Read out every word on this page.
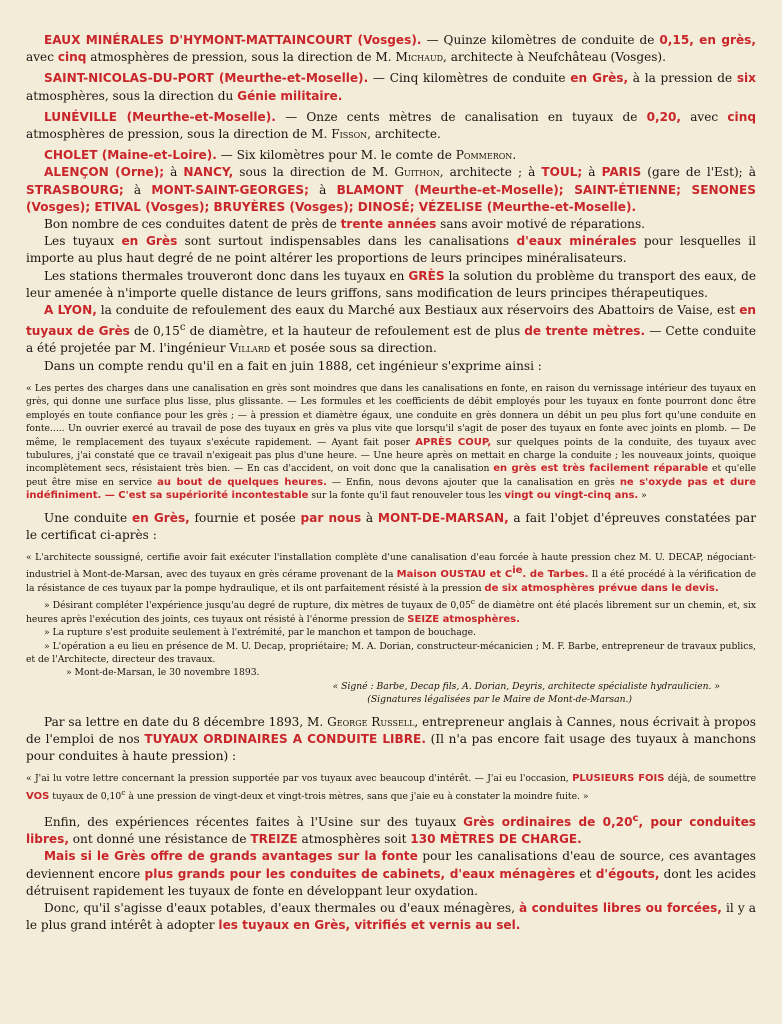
EAUX MINÉRALES D'HYMONT-MATTAINCOURT (Vosges). — Quinze kilomètres de conduite de 0,15, en grès, avec cinq atmosphères de pression, sous la direction de M. Michaud, architecte à Neufchâteau (Vosges).

SAINT-NICOLAS-DU-PORT (Meurthe-et-Moselle). — Cinq kilomètres de conduite en Grès, à la pression de six atmosphères, sous la direction du Génie militaire.

LUNÉVILLE (Meurthe-et-Moselle). — Onze cents mètres de canalisation en tuyaux de 0,20, avec cinq atmosphères de pression, sous la direction de M. Fisson, architecte.

CHOLET (Maine-et-Loire). — Six kilomètres pour M. le comte de Pommeron.

ALENÇON (Orne); à NANCY, sous la direction de M. Guithon, architecte ; à TOUL; à PARIS (gare de l'Est); à STRASBOURG; à MONT-SAINT-GEORGES; à BLAMONT (Meurthe-et-Moselle); SAINT-ÉTIENNE; SENONES (Vosges); ETIVAL (Vosges); BRUYÈRES (Vosges); DINOSÉ; VÉZELISE (Meurthe-et-Moselle).

Bon nombre de ces conduites datent de près de trente années sans avoir motivé de réparations.

Les tuyaux en Grès sont surtout indispensables dans les canalisations d'eaux minérales pour lesquelles il importe au plus haut degré de ne point altérer les proportions de leurs principes minéralisateurs.

Les stations thermales trouveront donc dans les tuyaux en GRÈS la solution du problème du transport des eaux, de leur amenée à n'importe quelle distance de leurs griffons, sans modification de leurs principes thérapeutiques.

A LYON, la conduite de refoulement des eaux du Marché aux Bestiaux aux réservoirs des Abattoirs de Vaise, est en tuyaux de Grès de 0,15$^c$ de diamètre, et la hauteur de refoulement est de plus de trente mètres. — Cette conduite a été projetée par M. l'ingénieur Villard et posée sous sa direction.

Dans un compte rendu qu'il en a fait en juin 1888, cet ingénieur s'exprime ainsi :

« Les pertes des charges dans une canalisation en grès sont moindres que dans les canalisations en fonte, en raison du vernissage intérieur des tuyaux en grès, qui donne une surface plus lisse, plus glissante. — Les formules et les coefficients de débit employés pour les tuyaux en fonte pourront donc être employés en toute confiance pour les grès ; — à pression et diamètre égaux, une conduite en grès donnera un débit un peu plus fort qu'une conduite en fonte..... Un ouvrier exercé au travail de pose des tuyaux en grès va plus vite que lorsqu'il s'agit de poser des tuyaux en fonte avec joints en plomb. — De même, le remplacement des tuyaux s'exécute rapidement. — Ayant fait poser APRÈS COUP, sur quelques points de la conduite, des tuyaux avec tubulures, j'ai constaté que ce travail n'exigeait pas plus d'une heure. — Une heure après on mettait en charge la conduite ; les nouveaux joints, quoique incomplètement secs, résistaient très bien. — En cas d'accident, on voit donc que la canalisation en grès est très facilement réparable et qu'elle peut être mise en service au bout de quelques heures. — Enfin, nous devons ajouter que la canalisation en grès ne s'oxyde pas et dure indéfiniment. — C'est sa supériorité incontestable sur la fonte qu'il faut renouveler tous les vingt ou vingt-cinq ans. »

Une conduite en Grès, fournie et posée par nous à MONT-DE-MARSAN, a fait l'objet d'épreuves constatées par le certificat ci-après :

« L'architecte soussigné, certifie avoir fait exécuter l'installation complète d'une canalisation d'eau forcée à haute pression chez M. U. DECAP, négociant-industriel à Mont-de-Marsan, avec des tuyaux en grès cérame provenant de la Maison OUSTAU et $C^{ie}$. de Tarbes. Il a été procédé à la vérification de la résistance de ces tuyaux par la pompe hydraulique, et ils ont parfaitement résisté à la pression de six atmosphères prévue dans le devis.

» Désirant compléter l'expérience jusqu'au degré de rupture, dix mètres de tuyaux de 0,05$^c$ de diamètre ont été placés librement sur un chemin, et, six heures après l'exécution des joints, ces tuyaux ont résisté à l'énorme pression de SEIZE atmosphères.

» La rupture s'est produite seulement à l'extrémité, par le manchon et tampon de bouchage.

» L'opération a eu lieu en présence de M. U. Decap, propriétaire; M. A. Dorian, constructeur-mécanicien ; M. F. Barbe, entrepreneur de travaux publics, et de l'Architecte, directeur des travaux.

» Mont-de-Marsan, le 30 novembre 1893.

« Signé : Barbe, Decap fils, A. Dorian, Deyris, architecte spécialiste hydraulicien. »

(Signatures légalisées par le Maire de Mont-de-Marsan.)

Par sa lettre en date du 8 décembre 1893, M. George Russell, entrepreneur anglais à Cannes, nous écrivait à propos de l'emploi de nos TUYAUX ORDINAIRES A CONDUITE LIBRE. (Il n'a pas encore fait usage des tuyaux à manchons pour conduites à haute pression) :

« J'ai lu votre lettre concernant la pression supportée par vos tuyaux avec beaucoup d'intérêt. — J'ai eu l'occasion, PLUSIEURS FOIS déjà, de soumettre VOS tuyaux de 0,10$^c$ à une pression de vingt-deux et vingt-trois mètres, sans que j'aie eu à constater la moindre fuite. »

Enfin, des expériences récentes faites à l'Usine sur des tuyaux Grès ordinaires de 0,20$^c$, pour conduites libres, ont donné une résistance de TREIZE atmosphères soit 130 MÈTRES DE CHARGE.

Mais si le Grès offre de grands avantages sur la fonte pour les canalisations d'eau de source, ces avantages deviennent encore plus grands pour les conduites de cabinets, d'eaux ménagères et d'égouts, dont les acides détruisent rapidement les tuyaux de fonte en développant leur oxydation.

Donc, qu'il s'agisse d'eaux potables, d'eaux thermales ou d'eaux ménagères, à conduites libres ou forcées, il y a le plus grand intérêt à adopter les tuyaux en Grès, vitrifiés et vernis au sel.
